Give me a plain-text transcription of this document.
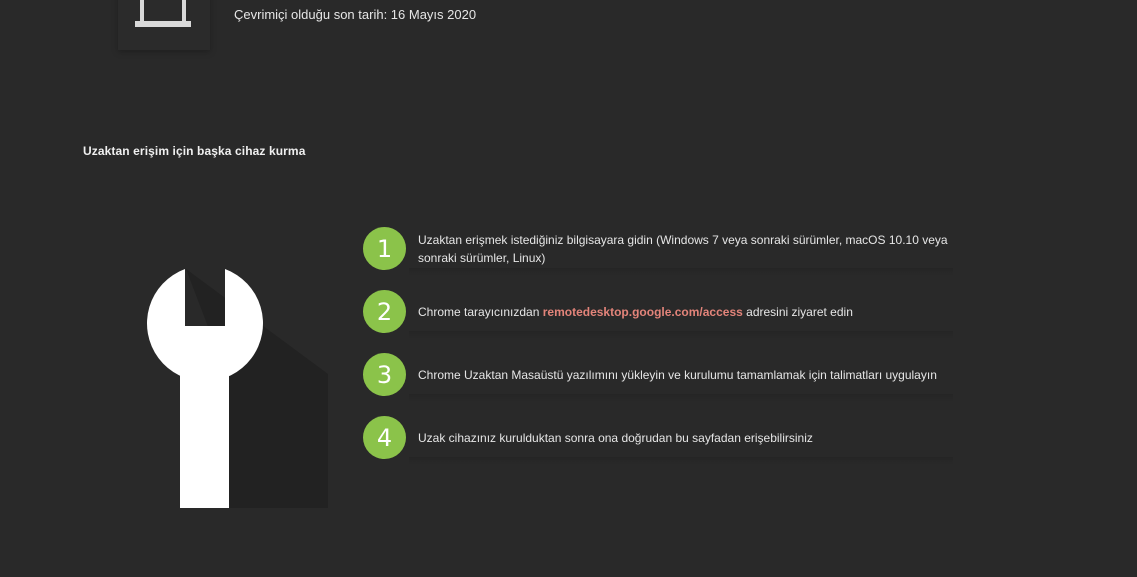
Çevrimiçi olduğu son tarih: 16 Mayıs 2020
Uzaktan erişim için başka cihaz kurma
1	Uzaktan erişmek istediğiniz bilgisayara gidin (Windows 7 veya sonraki sürümler, macOS 10.10 veya sonraki sürümler, Linux)
2	Chrome tarayıcınızdan remotedesktop.google.com/access adresini ziyaret edin
3	Chrome Uzaktan Masaüstü yazılımını yükleyin ve kurulumu tamamlamak için talimatları uygulayın
4	Uzak cihazınız kurulduktan sonra ona doğrudan bu sayfadan erişebilirsiniz
